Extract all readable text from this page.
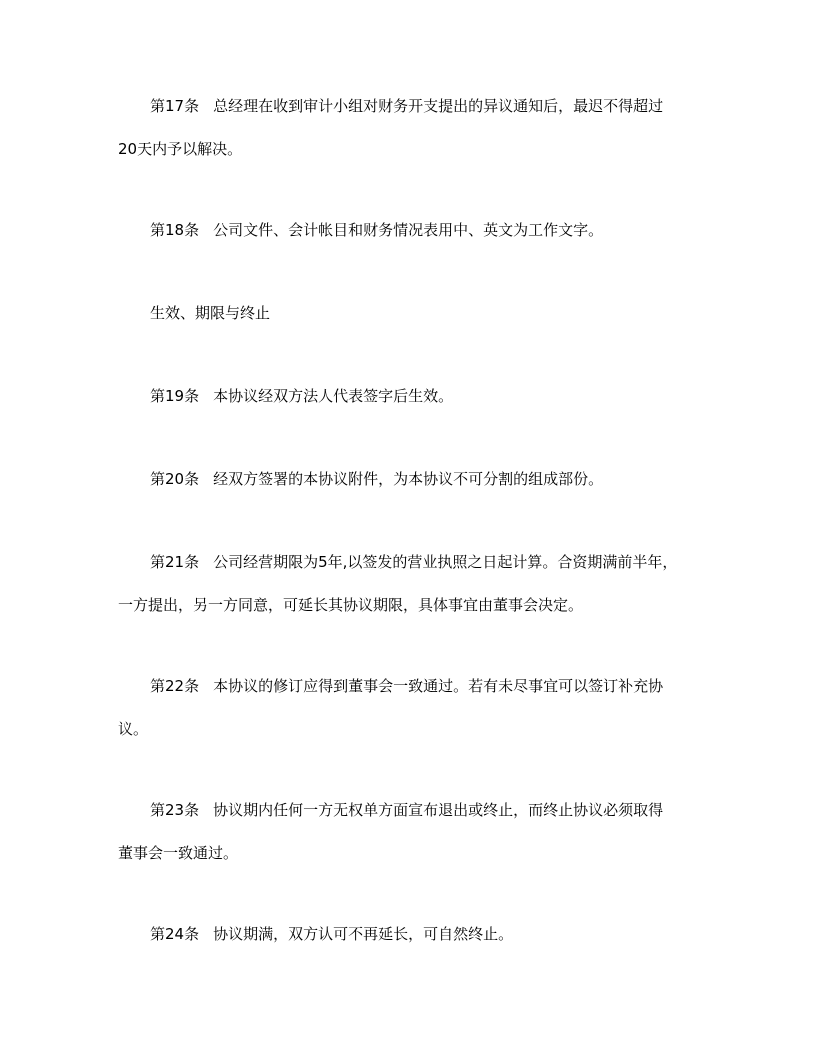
第17条 总经理在收到审计小组对财务开支提出的异议通知后，最迟不得超过
20天内予以解决。
第18条 公司文件、会计帐目和财务情况表用中、英文为工作文字。
生效、期限与终止
第19条 本协议经双方法人代表签字后生效。
第20条 经双方签署的本协议附件，为本协议不可分割的组成部份。
第21条 公司经营期限为5年,以签发的营业执照之日起计算。合资期满前半年，
一方提出，另一方同意，可延长其协议期限，具体事宜由董事会决定。
第22条 本协议的修订应得到董事会一致通过。若有未尽事宜可以签订补充协
议。
第23条 协议期内任何一方无权单方面宣布退出或终止，而终止协议必须取得
董事会一致通过。
第24条 协议期满，双方认可不再延长，可自然终止。
